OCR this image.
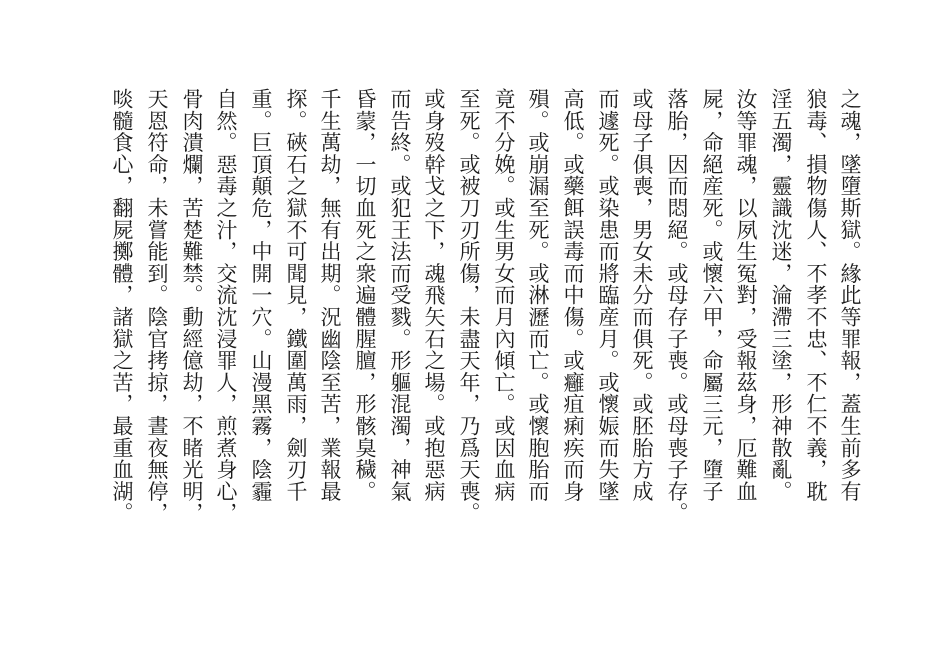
之魂，墜墮斯獄。緣此等罪報，蓋生前多有
狼毒、損物傷人、不孝不忠、不仁不義，耽
淫五濁，靈識沈迷，淪滯三塗，形神散亂。
汝等罪魂，以夙生冤對，受報茲身，厄難血
屍，命絕産死。或懷六甲，命屬三元，墮子
落胎，因而悶絕。或母存子喪。或母喪子存。
或母子俱喪，男女未分而俱死。或胚胎方成
而遽死。或染患而將臨産月。或懷娠而失墜
高低。或藥餌誤毒而中傷。或癰疽痢疾而身
殞。或崩漏至死。或淋瀝而亡。或懷胞胎而
竟不分娩。或生男女而月內傾亡。或因血病
至死。或被刀刃所傷，未盡天年，乃爲天喪。
或身歿幹戈之下，魂飛矢石之場。或抱惡病
而告終。或犯王法而受戮。形軀混濁，神氣
昏蒙，一切血死之衆遍體腥膻，形骸臭穢。
千生萬劫，無有出期。況幽陰至苦，業報最
探。硤石之獄不可聞見，鐵圍萬雨，劍刃千
重。巨頂顛危，中開一穴。山漫黑霧，陰霾
自然。惡毒之汁，交流沈浸罪人，煎煮身心，
骨肉潰爛，苦楚難禁。動經億劫，不睹光明，
天恩符命，未嘗能到。陰官拷掠，晝夜無停，
啖髓食心，翻屍擲體，諸獄之苦，最重血湖。
